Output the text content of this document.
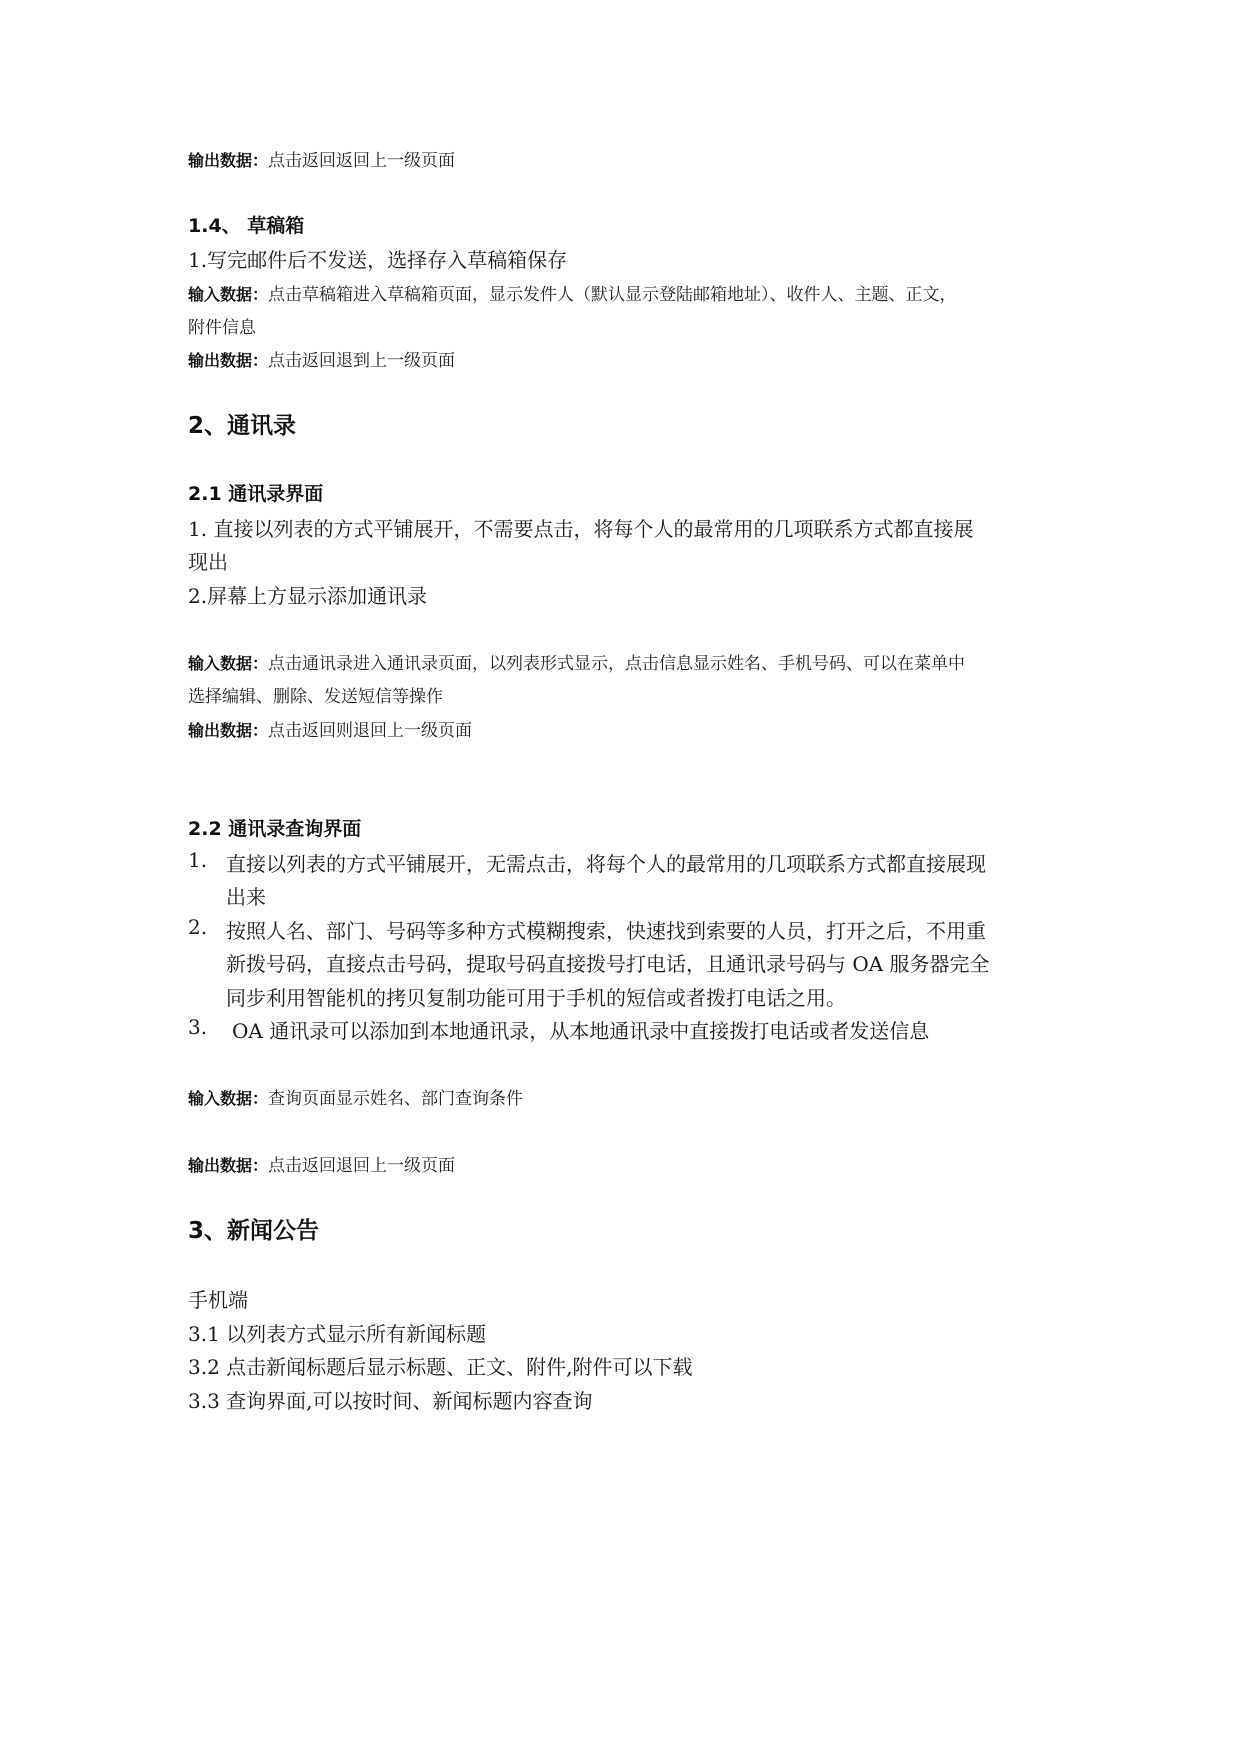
输出数据：点击返回返回上一级页面
1.4、 草稿箱
1.写完邮件后不发送，选择存入草稿箱保存
输入数据：点击草稿箱进入草稿箱页面，显示发件人（默认显示登陆邮箱地址）、收件人、主题、正文，
附件信息
输出数据：点击返回退到上一级页面
2、通讯录
2.1 通讯录界面
1. 直接以列表的方式平铺展开，不需要点击，将每个人的最常用的几项联系方式都直接展
现出
2.屏幕上方显示添加通讯录
输入数据：点击通讯录进入通讯录页面，以列表形式显示，点击信息显示姓名、手机号码、可以在菜单中
选择编辑、删除、发送短信等操作
输出数据：点击返回则退回上一级页面
2.2 通讯录查询界面
1. 直接以列表的方式平铺展开，无需点击，将每个人的最常用的几项联系方式都直接展现
出来
2. 按照人名、部门、号码等多种方式模糊搜索，快速找到索要的人员，打开之后，不用重
新拨号码，直接点击号码，提取号码直接拨号打电话，且通讯录号码与 OA 服务器完全
同步利用智能机的拷贝复制功能可用于手机的短信或者拨打电话之用。
3. OA 通讯录可以添加到本地通讯录，从本地通讯录中直接拨打电话或者发送信息
输入数据：查询页面显示姓名、部门查询条件
输出数据：点击返回退回上一级页面
3、新闻公告
手机端
3.1 以列表方式显示所有新闻标题
3.2 点击新闻标题后显示标题、正文、附件,附件可以下载
3.3 查询界面,可以按时间、新闻标题内容查询
